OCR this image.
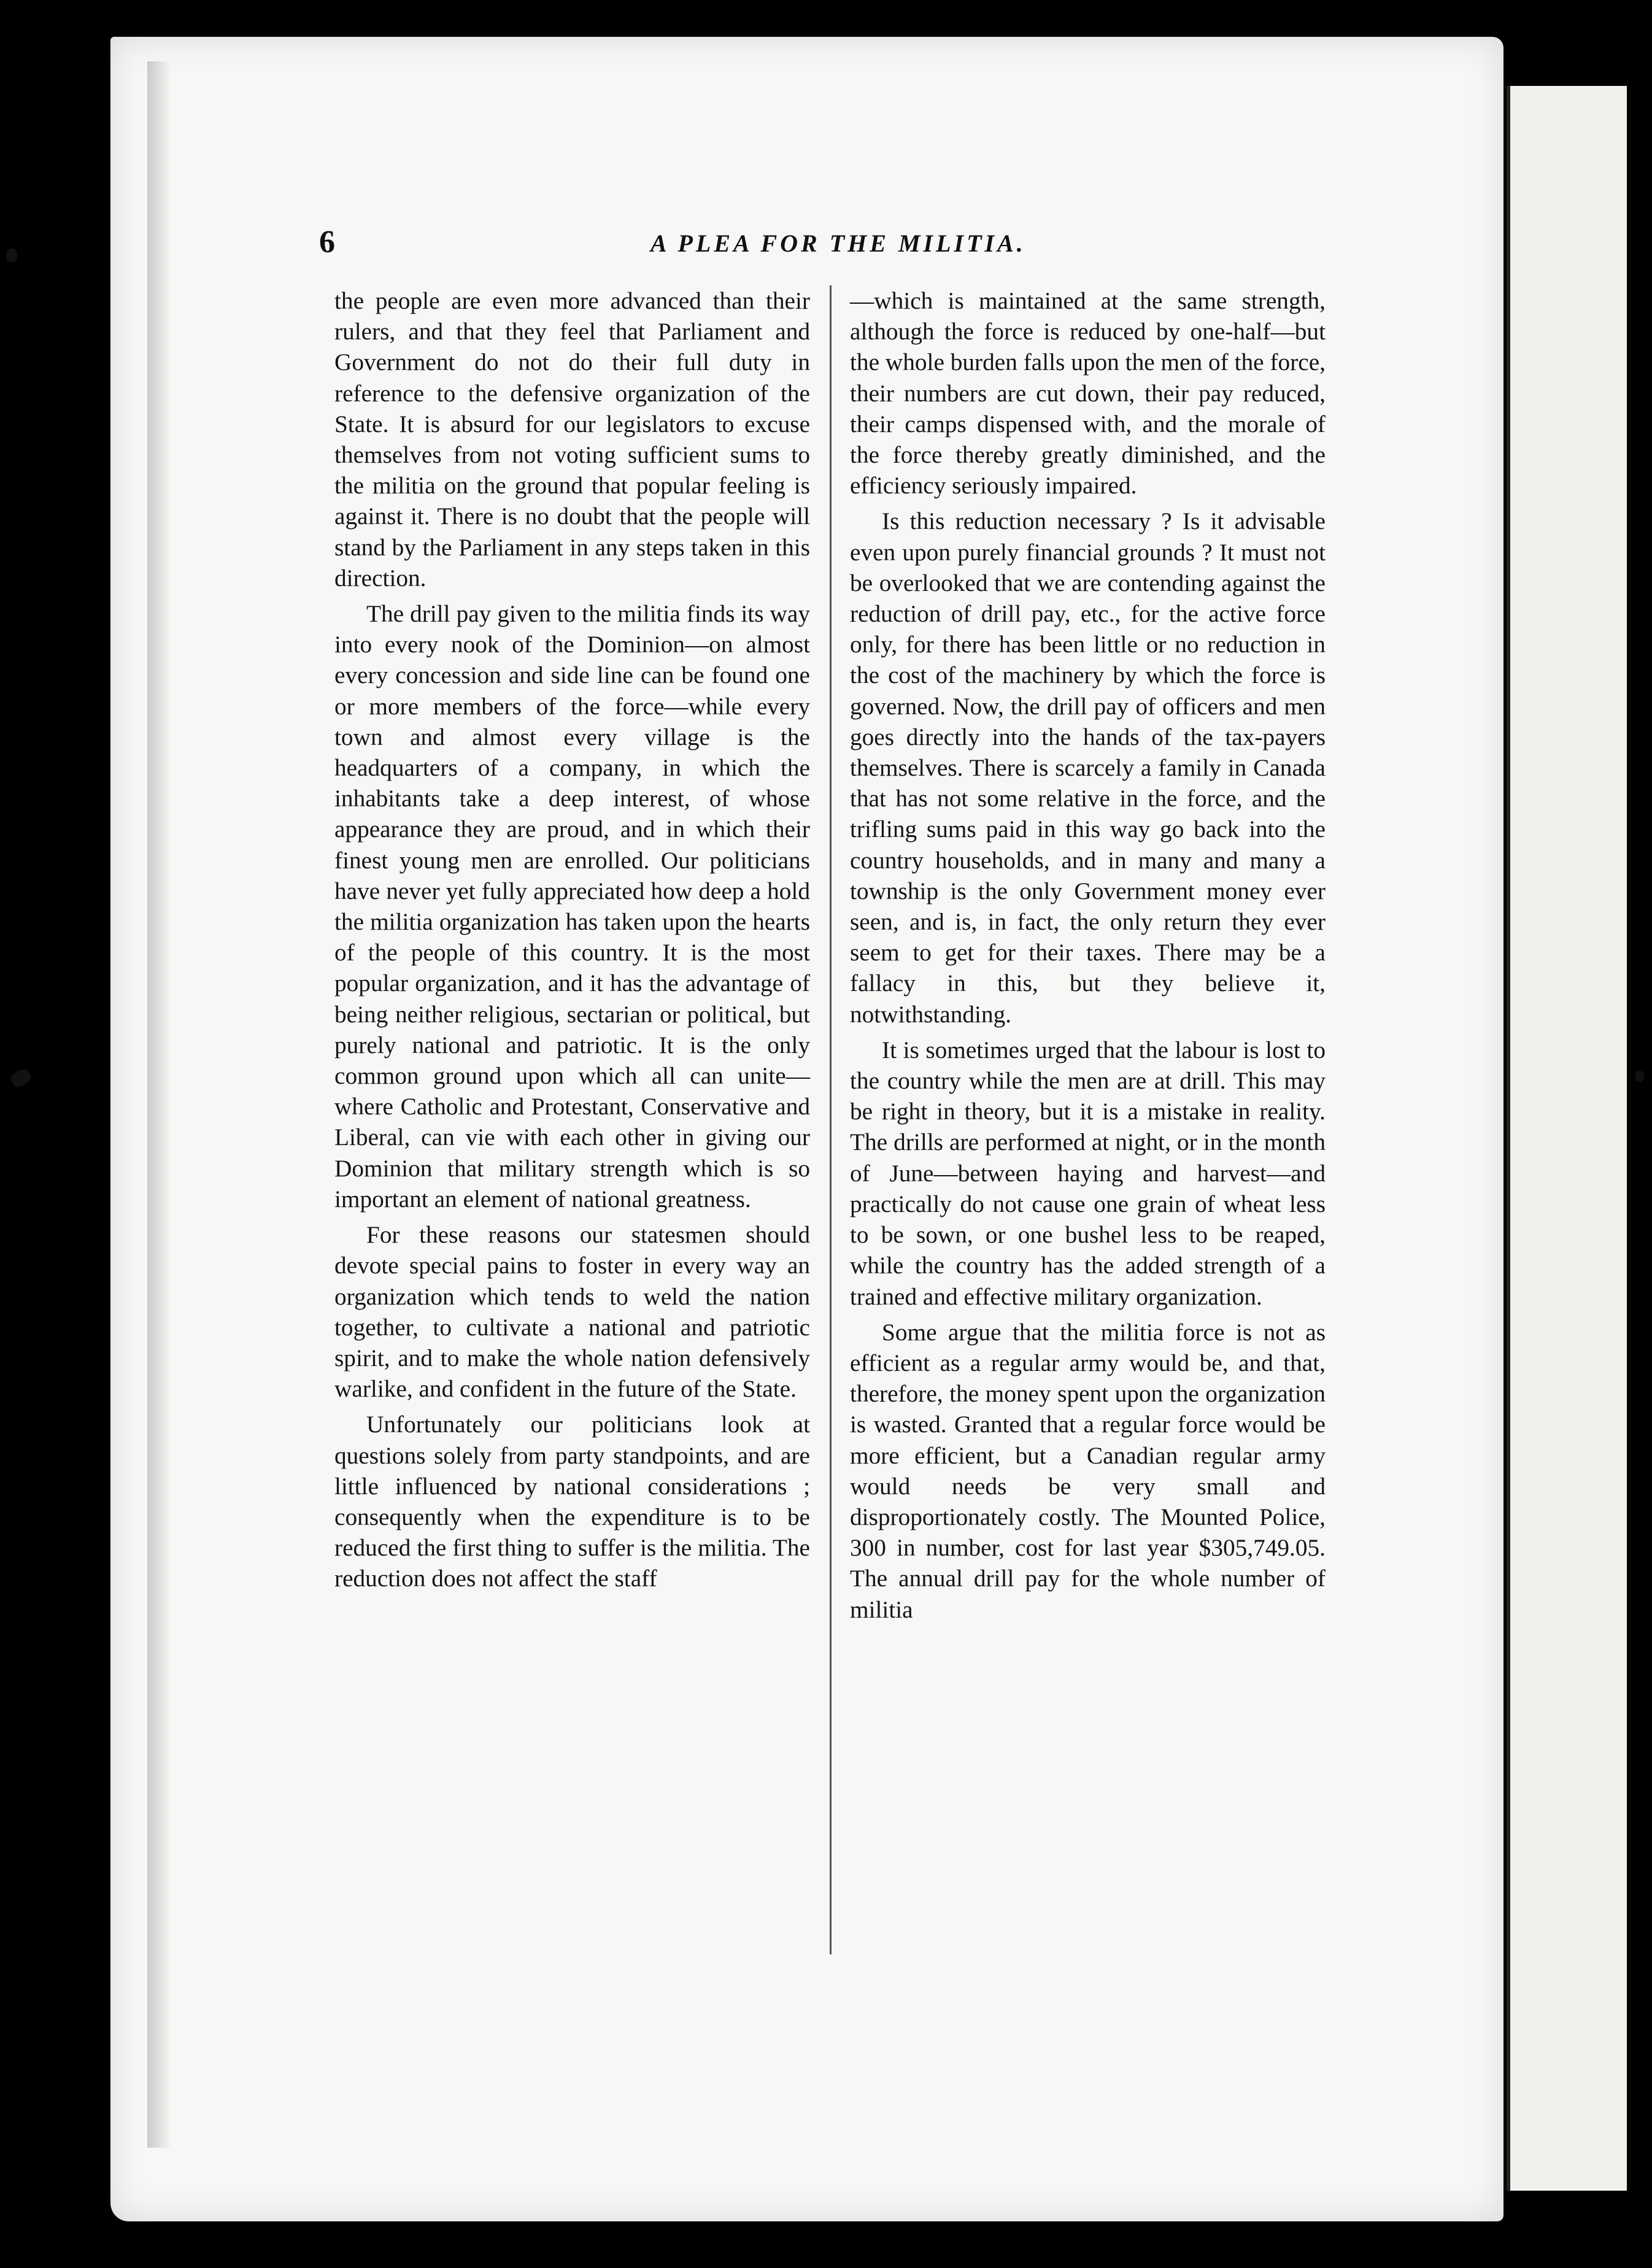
6	A PLEA FOR THE MILITIA.

the people are even more advanced than their rulers, and that they feel that Parliament and Government do not do their full duty in reference to the defensive organization of the State. It is absurd for our legislators to excuse themselves from not voting sufficient sums to the militia on the ground that popular feeling is against it. There is no doubt that the people will stand by the Parliament in any steps taken in this direction.

The drill pay given to the militia finds its way into every nook of the Dominion—on almost every concession and side line can be found one or more members of the force—while every town and almost every village is the headquarters of a company, in which the inhabitants take a deep interest, of whose appearance they are proud, and in which their finest young men are enrolled. Our politicians have never yet fully appreciated how deep a hold the militia organization has taken upon the hearts of the people of this country. It is the most popular organization, and it has the advantage of being neither religious, sectarian or political, but purely national and patriotic. It is the only common ground upon which all can unite—where Catholic and Protestant, Conservative and Liberal, can vie with each other in giving our Dominion that military strength which is so important an element of national greatness.

For these reasons our statesmen should devote special pains to foster in every way an organization which tends to weld the nation together, to cultivate a national and patriotic spirit, and to make the whole nation defensively warlike, and confident in the future of the State.

Unfortunately our politicians look at questions solely from party standpoints, and are little influenced by national considerations ; consequently when the expenditure is to be reduced the first thing to suffer is the militia. The reduction does not affect the staff

—which is maintained at the same strength, although the force is reduced by one-half—but the whole burden falls upon the men of the force, their numbers are cut down, their pay reduced, their camps dispensed with, and the morale of the force thereby greatly diminished, and the efficiency seriously impaired.

Is this reduction necessary ? Is it advisable even upon purely financial grounds ? It must not be overlooked that we are contending against the reduction of drill pay, etc., for the active force only, for there has been little or no reduction in the cost of the machinery by which the force is governed. Now, the drill pay of officers and men goes directly into the hands of the tax-payers themselves. There is scarcely a family in Canada that has not some relative in the force, and the trifling sums paid in this way go back into the country households, and in many and many a township is the only Government money ever seen, and is, in fact, the only return they ever seem to get for their taxes. There may be a fallacy in this, but they believe it, notwithstanding.

It is sometimes urged that the labour is lost to the country while the men are at drill. This may be right in theory, but it is a mistake in reality. The drills are performed at night, or in the month of June—between haying and harvest—and practically do not cause one grain of wheat less to be sown, or one bushel less to be reaped, while the country has the added strength of a trained and effective military organization.

Some argue that the militia force is not as efficient as a regular army would be, and that, therefore, the money spent upon the organization is wasted. Granted that a regular force would be more efficient, but a Canadian regular army would needs be very small and disproportionately costly. The Mounted Police, 300 in number, cost for last year $305,749.05. The annual drill pay for the whole number of militia
